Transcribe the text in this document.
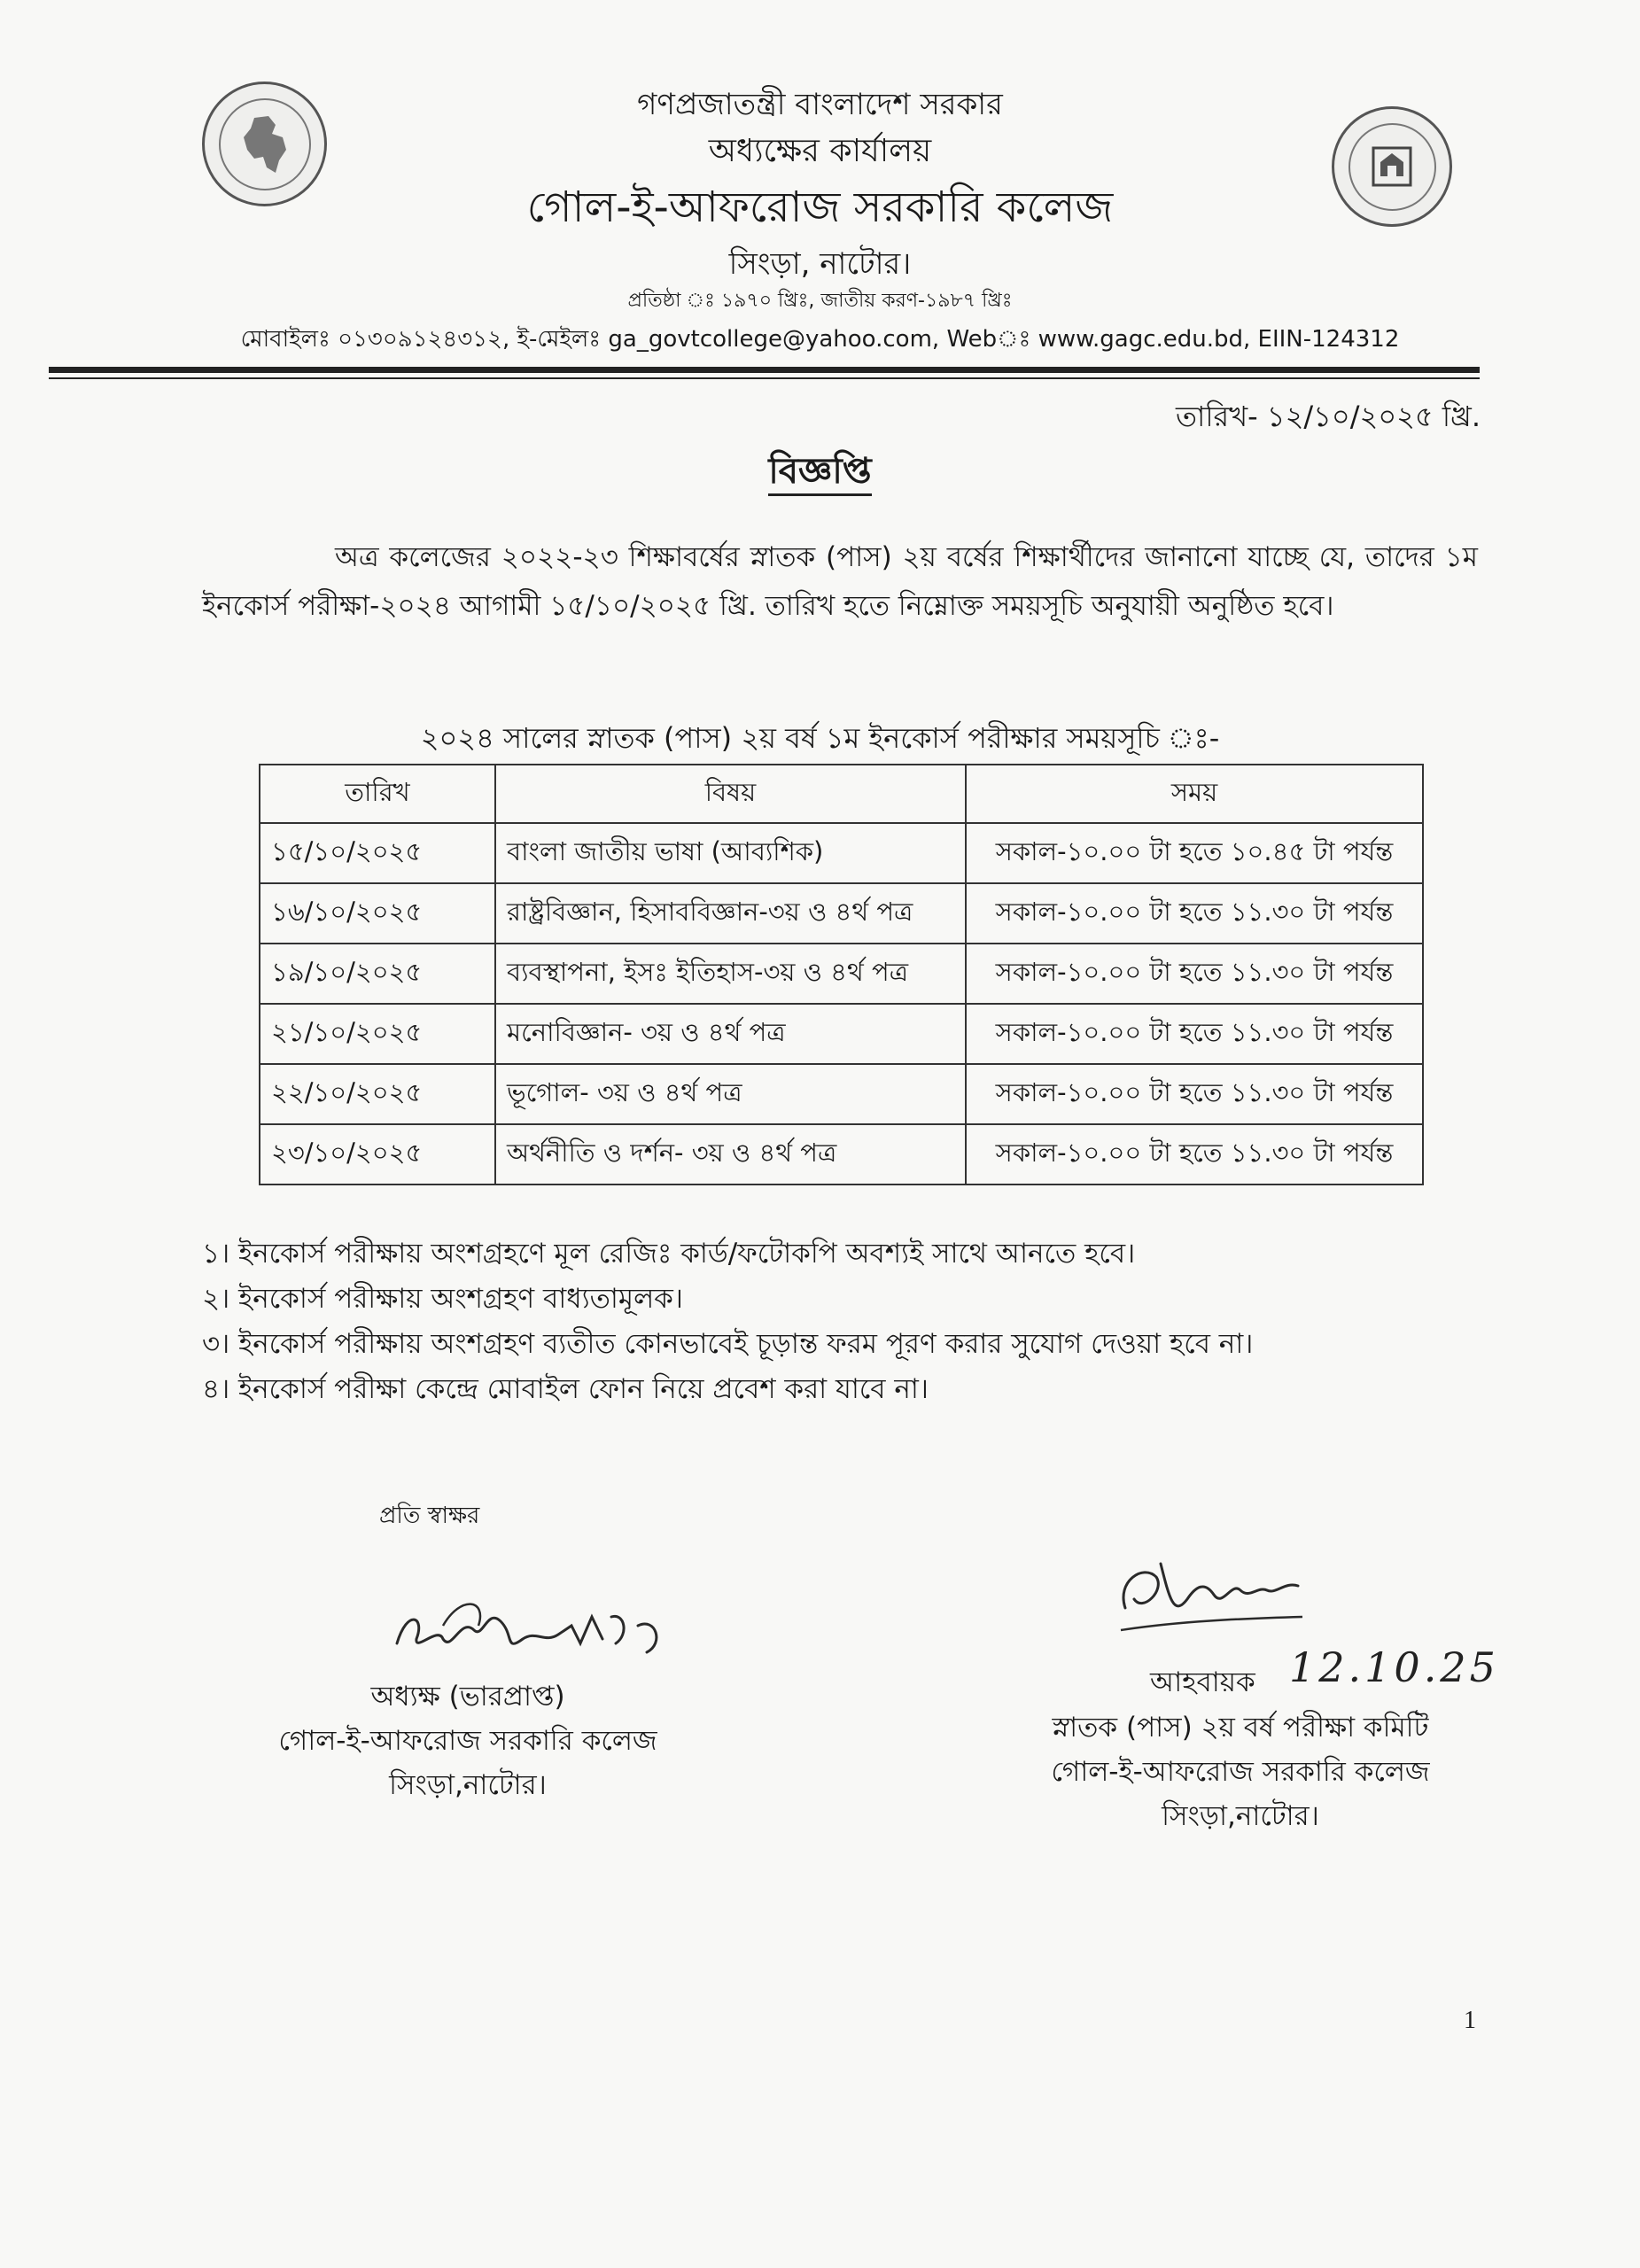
গণপ্রজাতন্ত্রী বাংলাদেশ সরকার
অধ্যক্ষের কার্যালয়
গোল-ই-আফরোজ সরকারি কলেজ
সিংড়া, নাটোর।
প্রতিষ্ঠা ঃ ১৯৭০ খ্রিঃ, জাতীয় করণ-১৯৮৭ খ্রিঃ
মোবাইলঃ ০১৩০৯১২৪৩১২, ই-মেইলঃ ga_govtcollege@yahoo.com, Webঃ www.gagc.edu.bd, EIIN-124312
তারিখ- ১২/১০/২০২৫ খ্রি.
বিজ্ঞপ্তি
অত্র কলেজের ২০২২-২৩ শিক্ষাবর্ষের স্নাতক (পাস) ২য় বর্ষের শিক্ষার্থীদের জানানো যাচ্ছে যে, তাদের ১ম ইনকোর্স পরীক্ষা-২০২৪ আগামী ১৫/১০/২০২৫ খ্রি. তারিখ হতে নিম্নোক্ত সময়সূচি অনুযায়ী অনুষ্ঠিত হবে।
২০২৪ সালের স্নাতক (পাস) ২য় বর্ষ ১ম ইনকোর্স পরীক্ষার সময়সূচি ঃ-
তারিখ	বিষয়	সময়
১৫/১০/২০২৫	বাংলা জাতীয় ভাষা (আব্যশিক)	সকাল-১০.০০ টা হতে ১০.৪৫ টা পর্যন্ত
১৬/১০/২০২৫	রাষ্ট্রবিজ্ঞান, হিসাববিজ্ঞান-৩য় ও ৪র্থ পত্র	সকাল-১০.০০ টা হতে ১১.৩০ টা পর্যন্ত
১৯/১০/২০২৫	ব্যবস্থাপনা, ইসঃ ইতিহাস-৩য় ও ৪র্থ পত্র	সকাল-১০.০০ টা হতে ১১.৩০ টা পর্যন্ত
২১/১০/২০২৫	মনোবিজ্ঞান- ৩য় ও ৪র্থ পত্র	সকাল-১০.০০ টা হতে ১১.৩০ টা পর্যন্ত
২২/১০/২০২৫	ভূগোল- ৩য় ও ৪র্থ পত্র	সকাল-১০.০০ টা হতে ১১.৩০ টা পর্যন্ত
২৩/১০/২০২৫	অর্থনীতি ও দর্শন- ৩য় ও ৪র্থ পত্র	সকাল-১০.০০ টা হতে ১১.৩০ টা পর্যন্ত
১। ইনকোর্স পরীক্ষায় অংশগ্রহণে মূল রেজিঃ কার্ড/ফটোকপি অবশ্যই সাথে আনতে হবে।
২। ইনকোর্স পরীক্ষায় অংশগ্রহণ বাধ্যতামূলক।
৩। ইনকোর্স পরীক্ষায় অংশগ্রহণ ব্যতীত কোনভাবেই চূড়ান্ত ফরম পূরণ করার সুযোগ দেওয়া হবে না।
৪। ইনকোর্স পরীক্ষা কেন্দ্রে মোবাইল ফোন নিয়ে প্রবেশ করা যাবে না।
প্রতি স্বাক্ষর
অধ্যক্ষ (ভারপ্রাপ্ত)
গোল-ই-আফরোজ সরকারি কলেজ
সিংড়া,নাটোর।
আহবায়ক 12.10.25
স্নাতক (পাস) ২য় বর্ষ পরীক্ষা কমিটি
গোল-ই-আফরোজ সরকারি কলেজ
সিংড়া,নাটোর।
1
